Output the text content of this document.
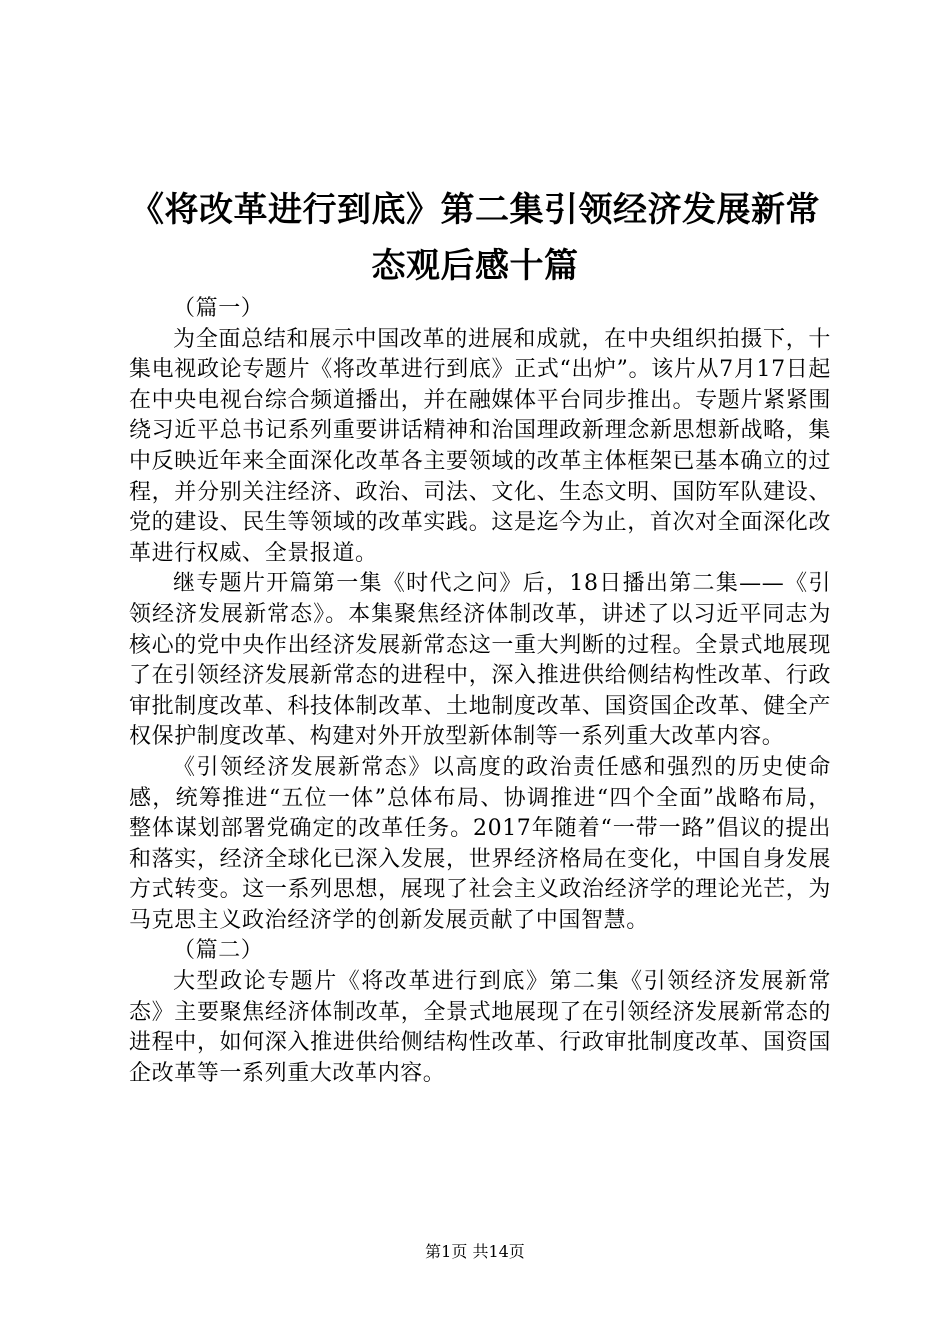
《将改革进行到底》第二集引领经济发展新常
态观后感十篇

（篇一）

为全面总结和展示中国改革的进展和成就，在中央组织拍摄下，十集电视政论专题片《将改革进行到底》正式“出炉”。该片从7月17日起在中央电视台综合频道播出，并在融媒体平台同步推出。专题片紧紧围绕习近平总书记系列重要讲话精神和治国理政新理念新思想新战略，集中反映近年来全面深化改革各主要领域的改革主体框架已基本确立的过程，并分别关注经济、政治、司法、文化、生态文明、国防军队建设、党的建设、民生等领域的改革实践。这是迄今为止，首次对全面深化改革进行权威、全景报道。

继专题片开篇第一集《时代之问》后，18日播出第二集——《引领经济发展新常态》。本集聚焦经济体制改革，讲述了以习近平同志为核心的党中央作出经济发展新常态这一重大判断的过程。全景式地展现了在引领经济发展新常态的进程中，深入推进供给侧结构性改革、行政审批制度改革、科技体制改革、土地制度改革、国资国企改革、健全产权保护制度改革、构建对外开放型新体制等一系列重大改革内容。

《引领经济发展新常态》以高度的政治责任感和强烈的历史使命感，统筹推进“五位一体”总体布局、协调推进“四个全面”战略布局，整体谋划部署党确定的改革任务。2017年随着“一带一路”倡议的提出和落实，经济全球化已深入发展，世界经济格局在变化，中国自身发展方式转变。这一系列思想，展现了社会主义政治经济学的理论光芒，为马克思主义政治经济学的创新发展贡献了中国智慧。

（篇二）

大型政论专题片《将改革进行到底》第二集《引领经济发展新常态》主要聚焦经济体制改革，全景式地展现了在引领经济发展新常态的进程中，如何深入推进供给侧结构性改革、行政审批制度改革、国资国企改革等一系列重大改革内容。

第1页 共14页
